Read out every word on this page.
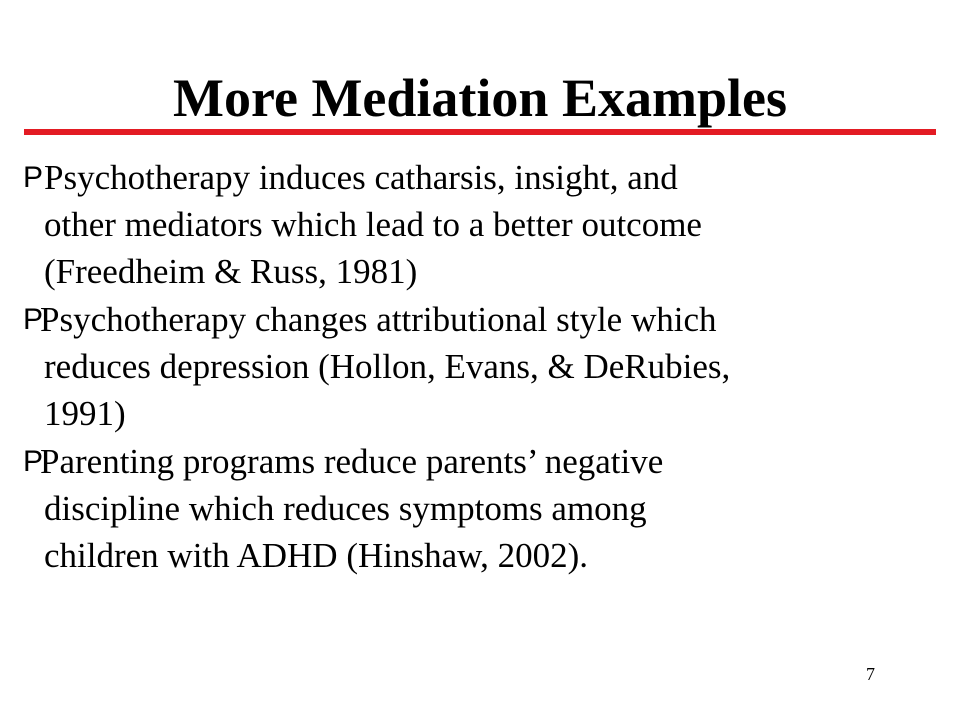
More Mediation Examples
P Psychotherapy induces catharsis, insight, and
other mediators which lead to a better outcome
(Freedheim & Russ, 1981)
P
Psychotherapy changes attributional style which
reduces depression (Hollon, Evans, & DeRubies,
1991)
P
Parenting programs reduce parents’ negative
discipline which reduces symptoms among
children with ADHD (Hinshaw, 2002).
7
